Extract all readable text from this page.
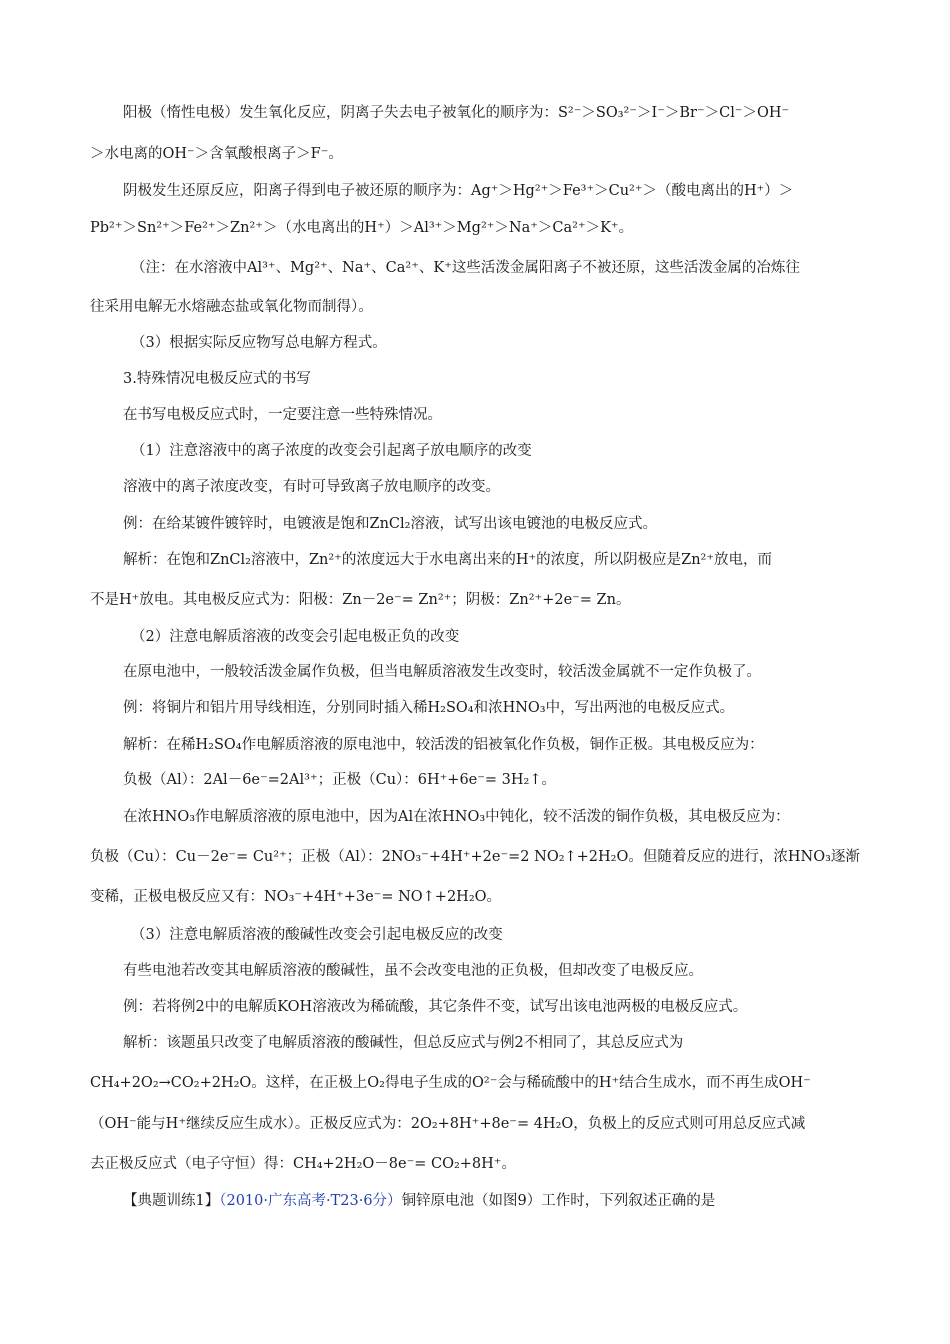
阳极（惰性电极）发生氧化反应，阴离子失去电子被氧化的顺序为：S²⁻＞SO₃²⁻＞I⁻＞Br⁻＞Cl⁻＞OH⁻
＞水电离的OH⁻＞含氧酸根离子＞F⁻。
阴极发生还原反应，阳离子得到电子被还原的顺序为：Ag⁺＞Hg²⁺＞Fe³⁺＞Cu²⁺＞（酸电离出的H⁺）＞
Pb²⁺＞Sn²⁺＞Fe²⁺＞Zn²⁺＞（水电离出的H⁺）＞Al³⁺＞Mg²⁺＞Na⁺＞Ca²⁺＞K⁺。
（注：在水溶液中Al³⁺、Mg²⁺、Na⁺、Ca²⁺、K⁺这些活泼金属阳离子不被还原，这些活泼金属的冶炼往
往采用电解无水熔融态盐或氧化物而制得）。
（3）根据实际反应物写总电解方程式。
3.特殊情况电极反应式的书写
在书写电极反应式时，一定要注意一些特殊情况。
（1）注意溶液中的离子浓度的改变会引起离子放电顺序的改变
溶液中的离子浓度改变，有时可导致离子放电顺序的改变。
例：在给某镀件镀锌时，电镀液是饱和ZnCl₂溶液，试写出该电镀池的电极反应式。
解析：在饱和ZnCl₂溶液中，Zn²⁺的浓度远大于水电离出来的H⁺的浓度，所以阴极应是Zn²⁺放电，而
不是H⁺放电。其电极反应式为：阳极：Zn－2e⁻= Zn²⁺；阴极：Zn²⁺+2e⁻= Zn。
（2）注意电解质溶液的改变会引起电极正负的改变
在原电池中，一般较活泼金属作负极，但当电解质溶液发生改变时，较活泼金属就不一定作负极了。
例：将铜片和铝片用导线相连，分别同时插入稀H₂SO₄和浓HNO₃中，写出两池的电极反应式。
解析：在稀H₂SO₄作电解质溶液的原电池中，较活泼的铝被氧化作负极，铜作正极。其电极反应为：
负极（Al）：2Al－6e⁻=2Al³⁺；正极（Cu）：6H⁺+6e⁻= 3H₂↑。
在浓HNO₃作电解质溶液的原电池中，因为Al在浓HNO₃中钝化，较不活泼的铜作负极，其电极反应为：
负极（Cu）：Cu－2e⁻= Cu²⁺；正极（Al）：2NO₃⁻+4H⁺+2e⁻=2 NO₂↑+2H₂O。但随着反应的进行，浓HNO₃逐渐
变稀，正极电极反应又有：NO₃⁻+4H⁺+3e⁻= NO↑+2H₂O。
（3）注意电解质溶液的酸碱性改变会引起电极反应的改变
有些电池若改变其电解质溶液的酸碱性，虽不会改变电池的正负极，但却改变了电极反应。
例：若将例2中的电解质KOH溶液改为稀硫酸，其它条件不变，试写出该电池两极的电极反应式。
解析：该题虽只改变了电解质溶液的酸碱性，但总反应式与例2不相同了，其总反应式为
CH₄+2O₂→CO₂+2H₂O。这样，在正极上O₂得电子生成的O²⁻会与稀硫酸中的H⁺结合生成水，而不再生成OH⁻
（OH⁻能与H⁺继续反应生成水）。正极反应式为：2O₂+8H⁺+8e⁻= 4H₂O，负极上的反应式则可用总反应式减
去正极反应式（电子守恒）得：CH₄+2H₂O－8e⁻= CO₂+8H⁺。
【典题训练1】（2010·广东高考·T23·6分）铜锌原电池（如图9）工作时，下列叙述正确的是
